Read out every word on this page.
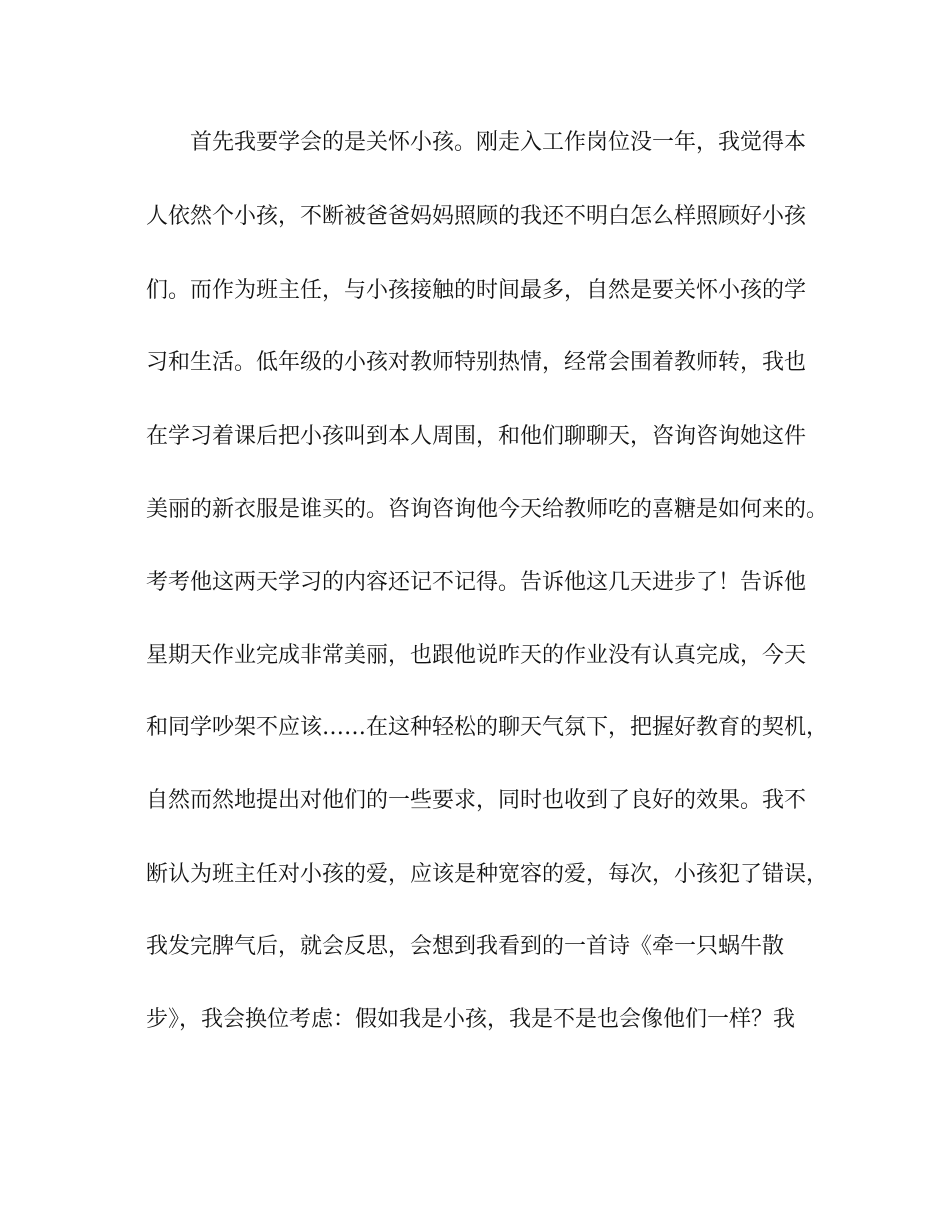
首先我要学会的是关怀小孩。刚走入工作岗位没一年，我觉得本
人依然个小孩，不断被爸爸妈妈照顾的我还不明白怎么样照顾好小孩
们。而作为班主任，与小孩接触的时间最多，自然是要关怀小孩的学
习和生活。低年级的小孩对教师特别热情，经常会围着教师转，我也
在学习着课后把小孩叫到本人周围，和他们聊聊天，咨询咨询她这件
美丽的新衣服是谁买的。咨询咨询他今天给教师吃的喜糖是如何来的。
考考他这两天学习的内容还记不记得。告诉他这几天进步了！告诉他
星期天作业完成非常美丽，也跟他说昨天的作业没有认真完成，今天
和同学吵架不应该……在这种轻松的聊天气氛下，把握好教育的契机，
自然而然地提出对他们的一些要求，同时也收到了良好的效果。我不
断认为班主任对小孩的爱，应该是种宽容的爱，每次，小孩犯了错误，
我发完脾气后，就会反思，会想到我看到的一首诗《牵一只蜗牛散
步》，我会换位考虑：假如我是小孩，我是不是也会像他们一样？我
